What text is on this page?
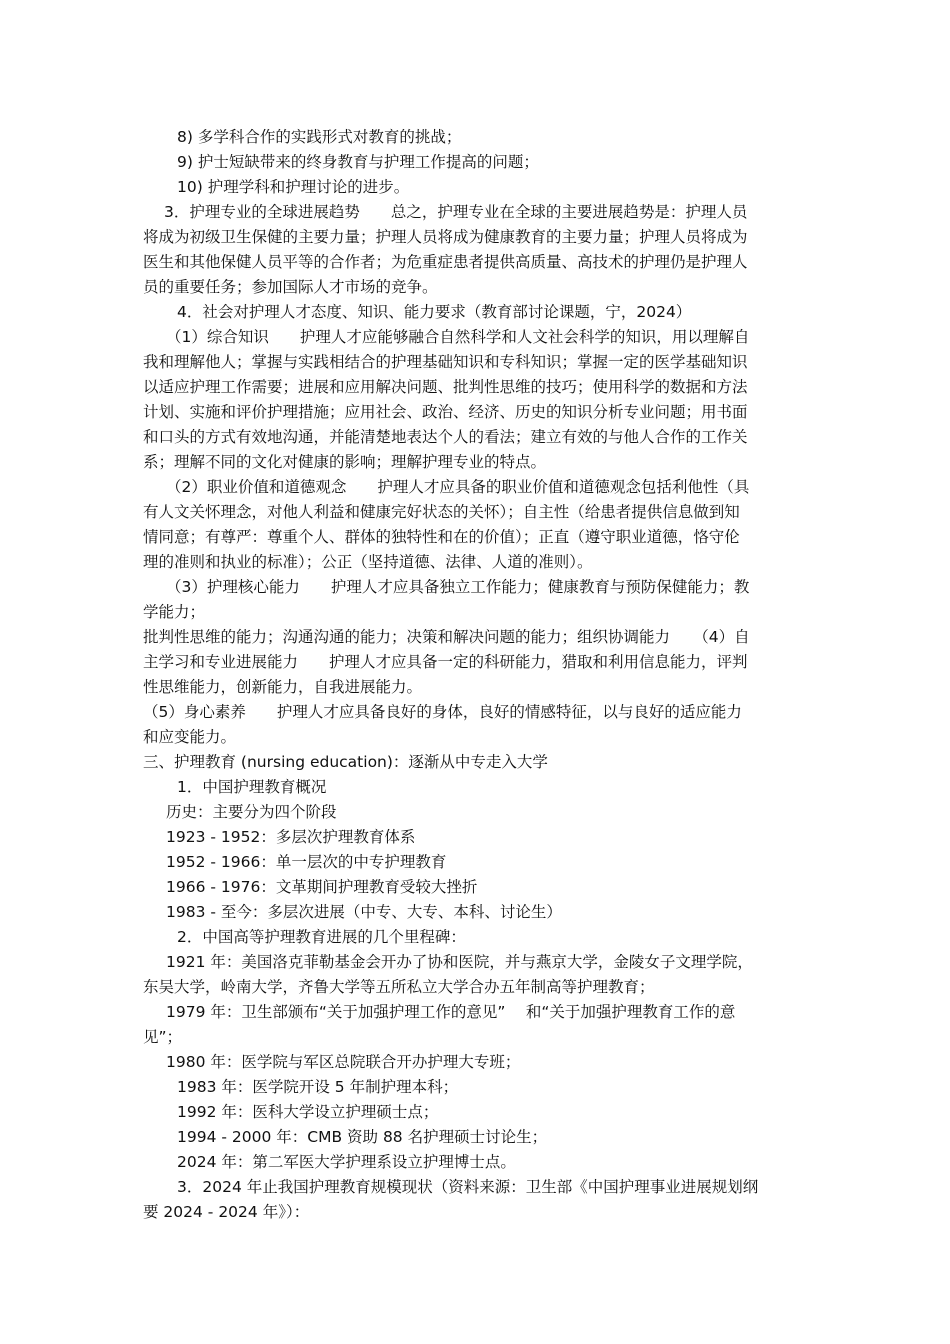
8) 多学科合作的实践形式对教育的挑战；
9) 护士短缺带来的终身教育与护理工作提高的问题；
10) 护理学科和护理讨论的进步。
3．护理专业的全球进展趋势　　总之，护理专业在全球的主要进展趋势是：护理人员
将成为初级卫生保健的主要力量；护理人员将成为健康教育的主要力量；护理人员将成为
医生和其他保健人员平等的合作者；为危重症患者提供高质量、高技术的护理仍是护理人
员的重要任务；参加国际人才市场的竞争。
4．社会对护理人才态度、知识、能力要求（教育部讨论课题，宁，2024）
（1）综合知识　　护理人才应能够融合自然科学和人文社会科学的知识，用以理解自
我和理解他人；掌握与实践相结合的护理基础知识和专科知识；掌握一定的医学基础知识
以适应护理工作需要；进展和应用解决问题、批判性思维的技巧；使用科学的数据和方法
计划、实施和评价护理措施；应用社会、政治、经济、历史的知识分析专业问题；用书面
和口头的方式有效地沟通，并能清楚地表达个人的看法；建立有效的与他人合作的工作关
系；理解不同的文化对健康的影响；理解护理专业的特点。
（2）职业价值和道德观念　　护理人才应具备的职业价值和道德观念包括利他性（具
有人文关怀理念，对他人利益和健康完好状态的关怀）；自主性（给患者提供信息做到知
情同意；有尊严：尊重个人、群体的独特性和在的价值）；正直（遵守职业道德，恪守伦
理的准则和执业的标准）；公正（坚持道德、法律、人道的准则）。
（3）护理核心能力　　护理人才应具备独立工作能力；健康教育与预防保健能力；教
学能力；
批判性思维的能力；沟通沟通的能力；决策和解决问题的能力；组织协调能力　　（4）自
主学习和专业进展能力　　护理人才应具备一定的科研能力，猎取和利用信息能力，评判
性思维能力，创新能力，自我进展能力。
（5）身心素养　　护理人才应具备良好的身体，良好的情感特征，以与良好的适应能力
和应变能力。
三、护理教育 (nursing education)：逐渐从中专走入大学
1．中国护理教育概况
历史：主要分为四个阶段
1923 - 1952：多层次护理教育体系
1952 - 1966：单一层次的中专护理教育
1966 - 1976：文革期间护理教育受较大挫折
1983 - 至今：多层次进展（中专、大专、本科、讨论生）
2．中国高等护理教育进展的几个里程碑：
1921 年：美国洛克菲勒基金会开办了协和医院，并与燕京大学，金陵女子文理学院，
东吴大学，岭南大学，齐鲁大学等五所私立大学合办五年制高等护理教育；
1979 年：卫生部颁布“关于加强护理工作的意见”　 和“关于加强护理教育工作的意
见”；
1980 年：医学院与军区总院联合开办护理大专班；
1983 年：医学院开设 5 年制护理本科；
1992 年：医科大学设立护理硕士点；
1994 - 2000 年：CMB 资助 88 名护理硕士讨论生；
2024 年：第二军医大学护理系设立护理博士点。
3．2024 年止我国护理教育规模现状（资料来源：卫生部《中国护理事业进展规划纲
要 2024 - 2024 年》）：
